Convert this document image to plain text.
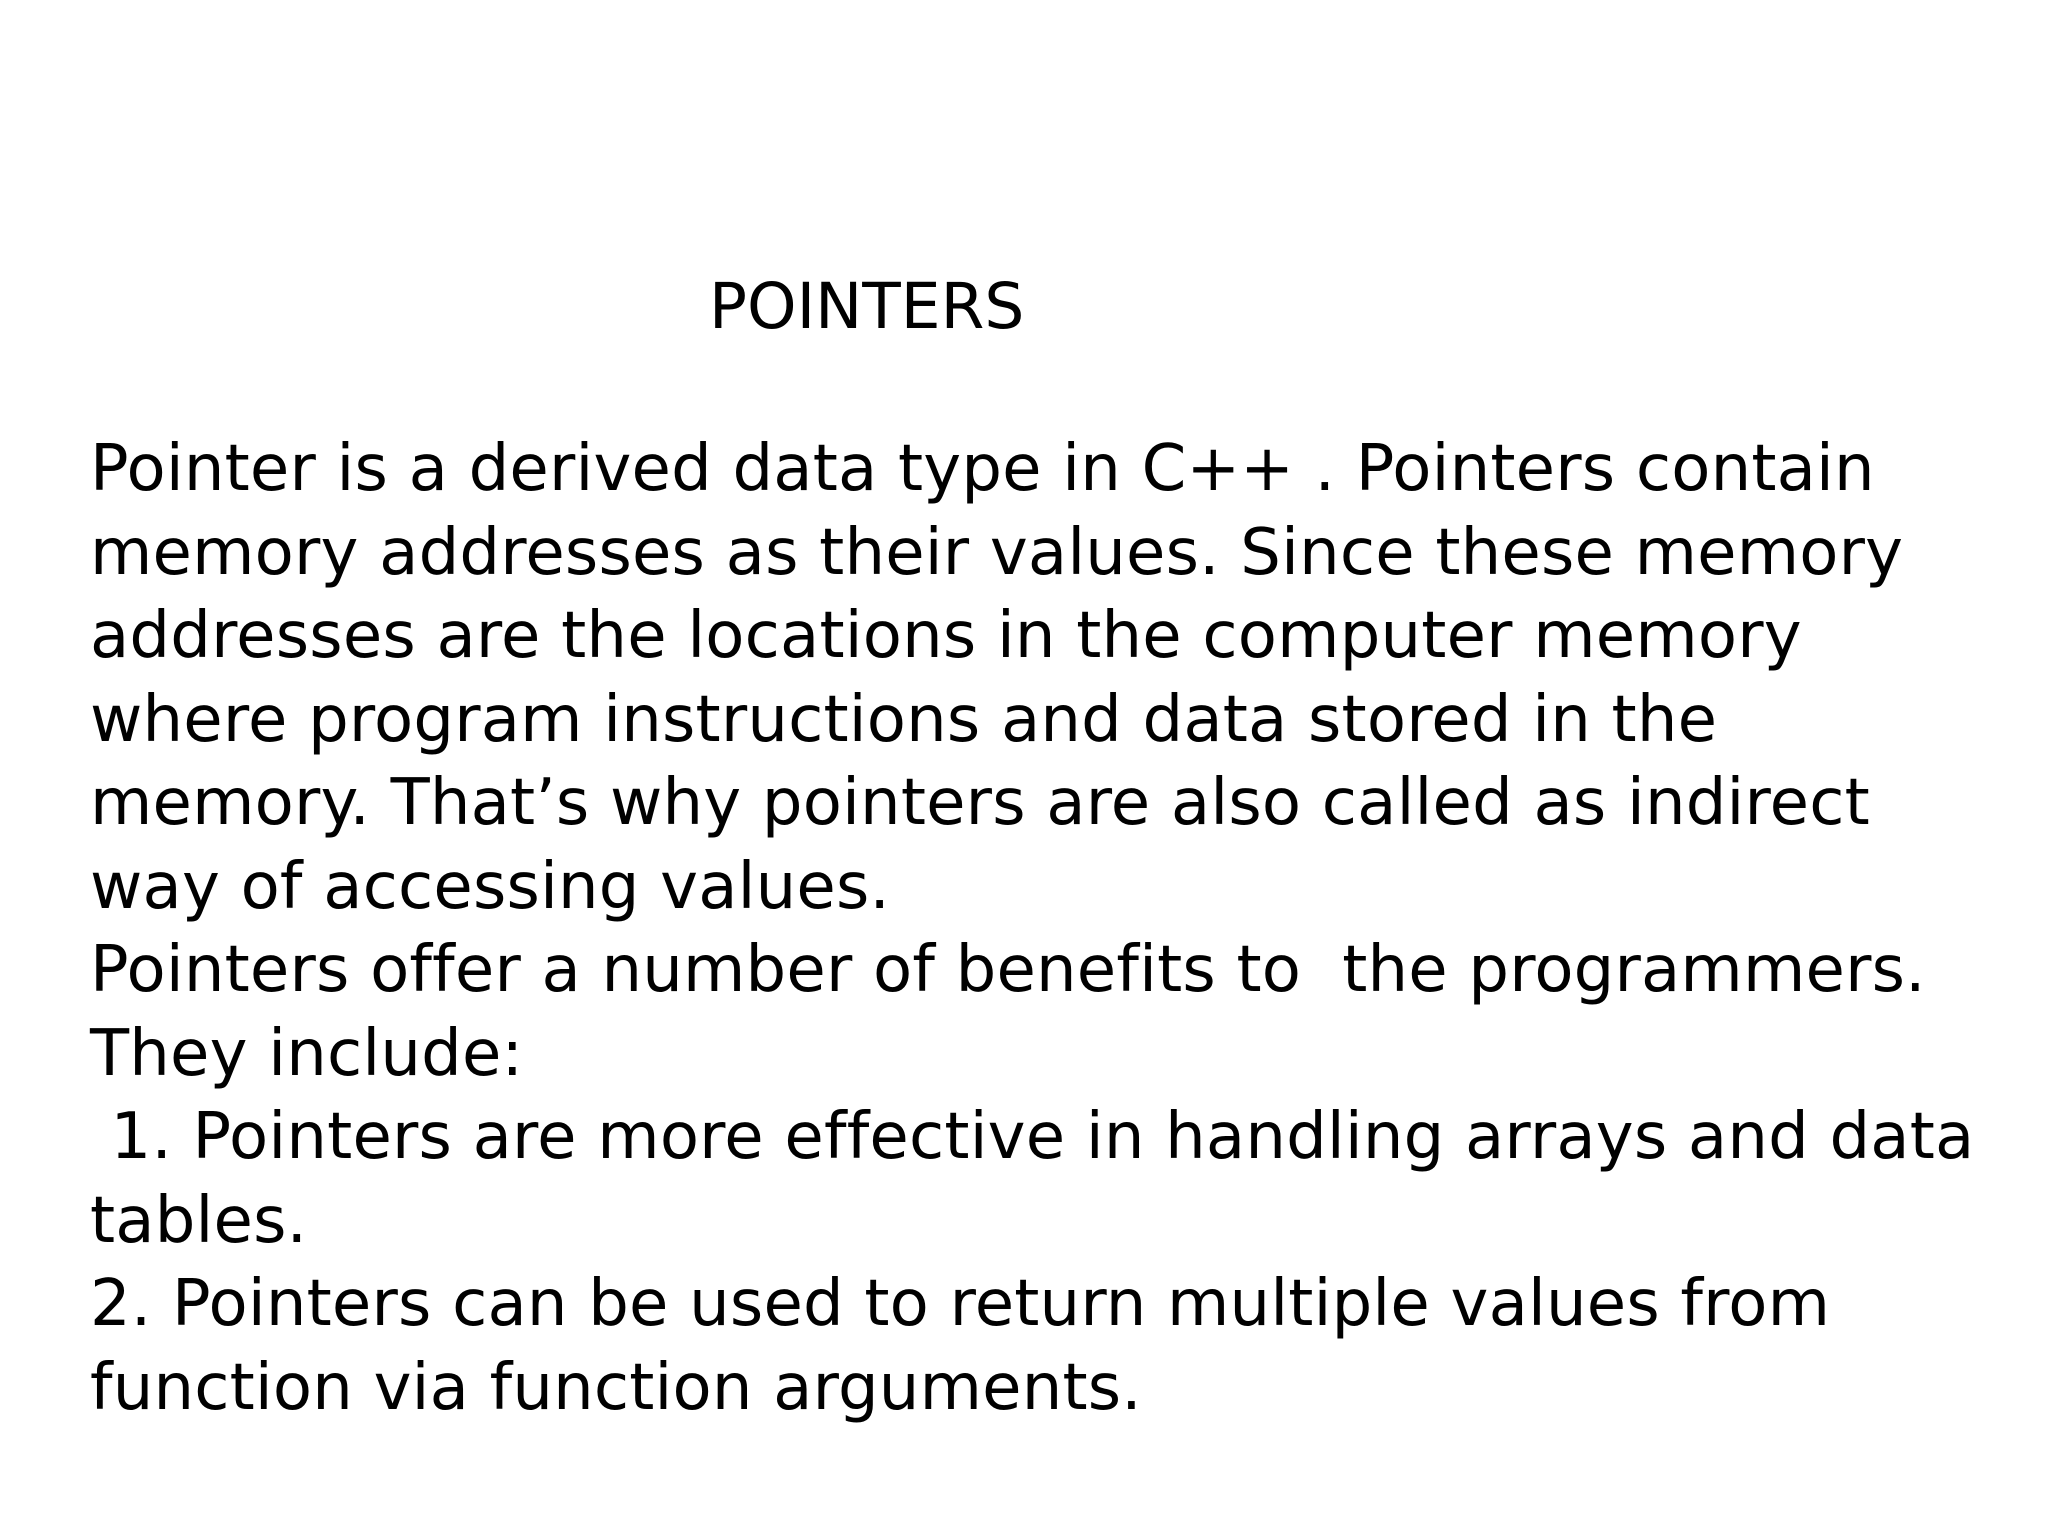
POINTERS
Pointer is a derived data type in C++ . Pointers contain
memory addresses as their values. Since these memory
addresses are the locations in the computer memory
where program instructions and data stored in the
memory. That’s why pointers are also called as indirect
way of accessing values.
Pointers offer a number of benefits to  the programmers.
They include:
1. Pointers are more effective in handling arrays and data
tables.
2. Pointers can be used to return multiple values from
function via function arguments.
